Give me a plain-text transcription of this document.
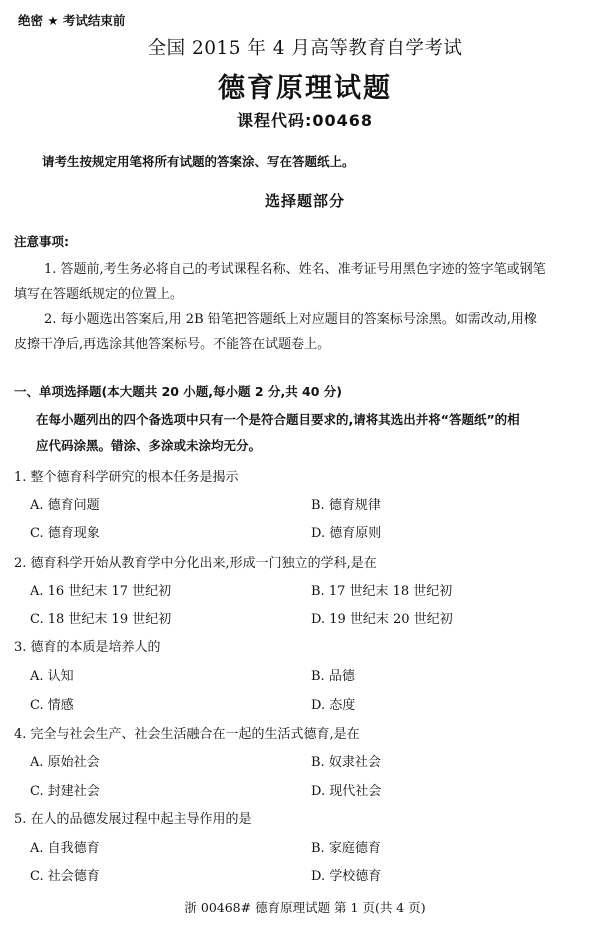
绝密 ★ 考试结束前
全国 2015 年 4 月高等教育自学考试
德育原理试题
课程代码:00468
请考生按规定用笔将所有试题的答案涂、写在答题纸上。
选择题部分
注意事项:
1. 答题前,考生务必将自己的考试课程名称、姓名、准考证号用黑色字迹的签字笔或钢笔
填写在答题纸规定的位置上。
2. 每小题选出答案后,用 2B 铅笔把答题纸上对应题目的答案标号涂黑。如需改动,用橡
皮擦干净后,再选涂其他答案标号。不能答在试题卷上。
一、单项选择题(本大题共 20 小题,每小题 2 分,共 40 分)
在每小题列出的四个备选项中只有一个是符合题目要求的,请将其选出并将“答题纸”的相
应代码涂黑。错涂、多涂或未涂均无分。
1. 整个德育科学研究的根本任务是揭示
A. 德育问题	B. 德育规律
C. 德育现象	D. 德育原则
2. 德育科学开始从教育学中分化出来,形成一门独立的学科,是在
A. 16 世纪末 17 世纪初	B. 17 世纪末 18 世纪初
C. 18 世纪末 19 世纪初	D. 19 世纪末 20 世纪初
3. 德育的本质是培养人的
A. 认知	B. 品德
C. 情感	D. 态度
4. 完全与社会生产、社会生活融合在一起的生活式德育,是在
A. 原始社会	B. 奴隶社会
C. 封建社会	D. 现代社会
5. 在人的品德发展过程中起主导作用的是
A. 自我德育	B. 家庭德育
C. 社会德育	D. 学校德育
浙 00468# 德育原理试题 第 1 页(共 4 页)
